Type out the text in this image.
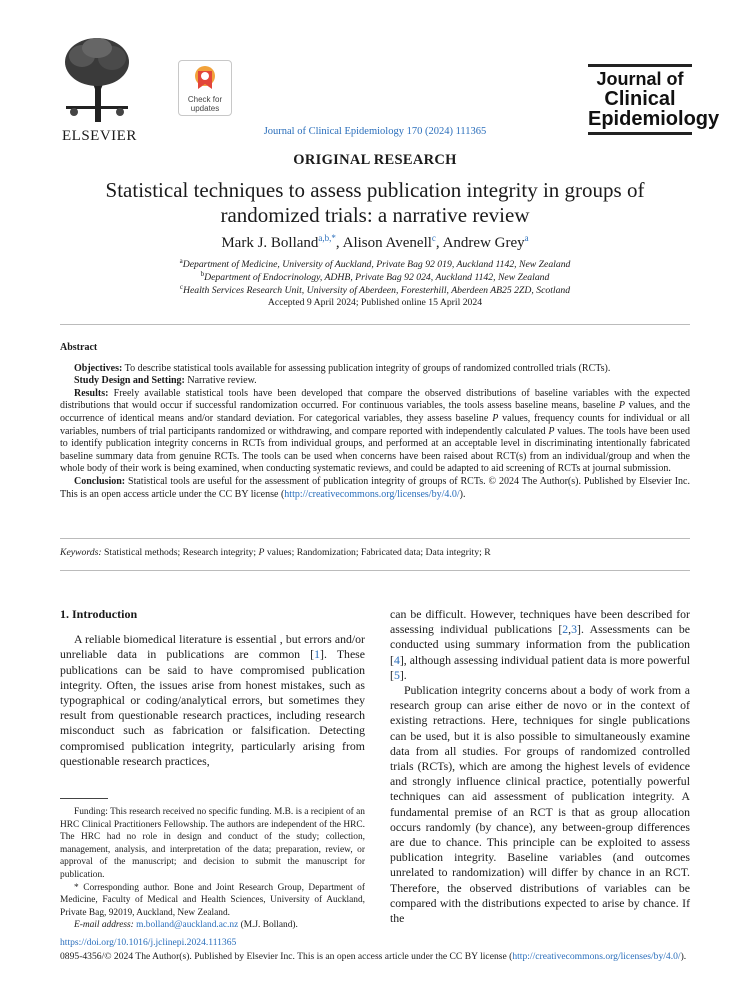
ELSEVIER
Check for
updates
Journal of Clinical Epidemiology 170 (2024) 111365
Journal of
Clinical
Epidemiology
ORIGINAL RESEARCH
Statistical techniques to assess publication integrity in groups of
randomized trials: a narrative review
Mark J. Bolland$^{a,b,*}$, Alison Avenell$^c$, Andrew Grey$^a$
$^a$Department of Medicine, University of Auckland, Private Bag 92 019, Auckland 1142, New Zealand
$^b$Department of Endocrinology, ADHB, Private Bag 92 024, Auckland 1142, New Zealand
$^c$Health Services Research Unit, University of Aberdeen, Foresterhill, Aberdeen AB25 2ZD, Scotland
Accepted 9 April 2024; Published online 15 April 2024
Abstract

Objectives: To describe statistical tools available for assessing publication integrity of groups of randomized controlled trials (RCTs).

Study Design and Setting: Narrative review.

Results: Freely available statistical tools have been developed that compare the observed distributions of baseline variables with the expected distributions that would occur if successful randomization occurred. For continuous variables, the tools assess baseline means, baseline P values, and the occurrence of identical means and/or standard deviation. For categorical variables, they assess baseline P values, frequency counts for individual or all variables, numbers of trial participants randomized or withdrawing, and compare reported with independently calculated P values. The tools have been used to identify publication integrity concerns in RCTs from individual groups, and performed at an acceptable level in discriminating intentionally fabricated baseline summary data from genuine RCTs. The tools can be used when concerns have been raised about RCT(s) from an individual/group and when the whole body of their work is being examined, when conducting systematic reviews, and could be adapted to aid screening of RCTs at journal submission.

Conclusion: Statistical tools are useful for the assessment of publication integrity of groups of RCTs. © 2024 The Author(s). Published by Elsevier Inc. This is an open access article under the CC BY license (http://creativecommons.org/licenses/by/4.0/).

Keywords: Statistical methods; Research integrity; P values; Randomization; Fabricated data; Data integrity; R
1. Introduction

A reliable biomedical literature is essential , but errors and/or unreliable data in publications are common [1]. These publications can be said to have compromised publication integrity. Often, the issues arise from honest mistakes, such as typographical or coding/analytical errors, but sometimes they result from questionable research practices, including research misconduct such as fabrication or falsification. Detecting compromised publication integrity, particularly arising from questionable research practices,

can be difficult. However, techniques have been described for assessing individual publications [2,3]. Assessments can be conducted using summary information from the publication [4], although assessing individual patient data is more powerful [5].

Publication integrity concerns about a body of work from a research group can arise either de novo or in the context of existing retractions. Here, techniques for single publications can be used, but it is also possible to simultaneously examine data from all studies. For groups of randomized controlled trials (RCTs), which are among the highest levels of evidence and strongly influence clinical practice, potentially powerful techniques can aid assessment of publication integrity. A fundamental premise of an RCT is that as group allocation occurs randomly (by chance), any between-group differences are due to chance. This principle can be exploited to assess publication integrity. Baseline variables (and outcomes unrelated to randomization) will differ by chance in an RCT. Therefore, the observed distributions of variables can be compared with the distributions expected to arise by chance. If the

Funding: This research received no specific funding. M.B. is a recipient of an HRC Clinical Practitioners Fellowship. The authors are independent of the HRC. The HRC had no role in design and conduct of the study; collection, management, analysis, and interpretation of the data; preparation, review, or approval of the manuscript; and decision to submit the manuscript for publication.

* Corresponding author. Bone and Joint Research Group, Department of Medicine, Faculty of Medical and Health Sciences, University of Auckland, Private Bag, 92019, Auckland, New Zealand.

E-mail address: m.bolland@auckland.ac.nz (M.J. Bolland).

https://doi.org/10.1016/j.jclinepi.2024.111365
0895-4356/© 2024 The Author(s). Published by Elsevier Inc. This is an open access article under the CC BY license (http://creativecommons.org/licenses/by/4.0/).
